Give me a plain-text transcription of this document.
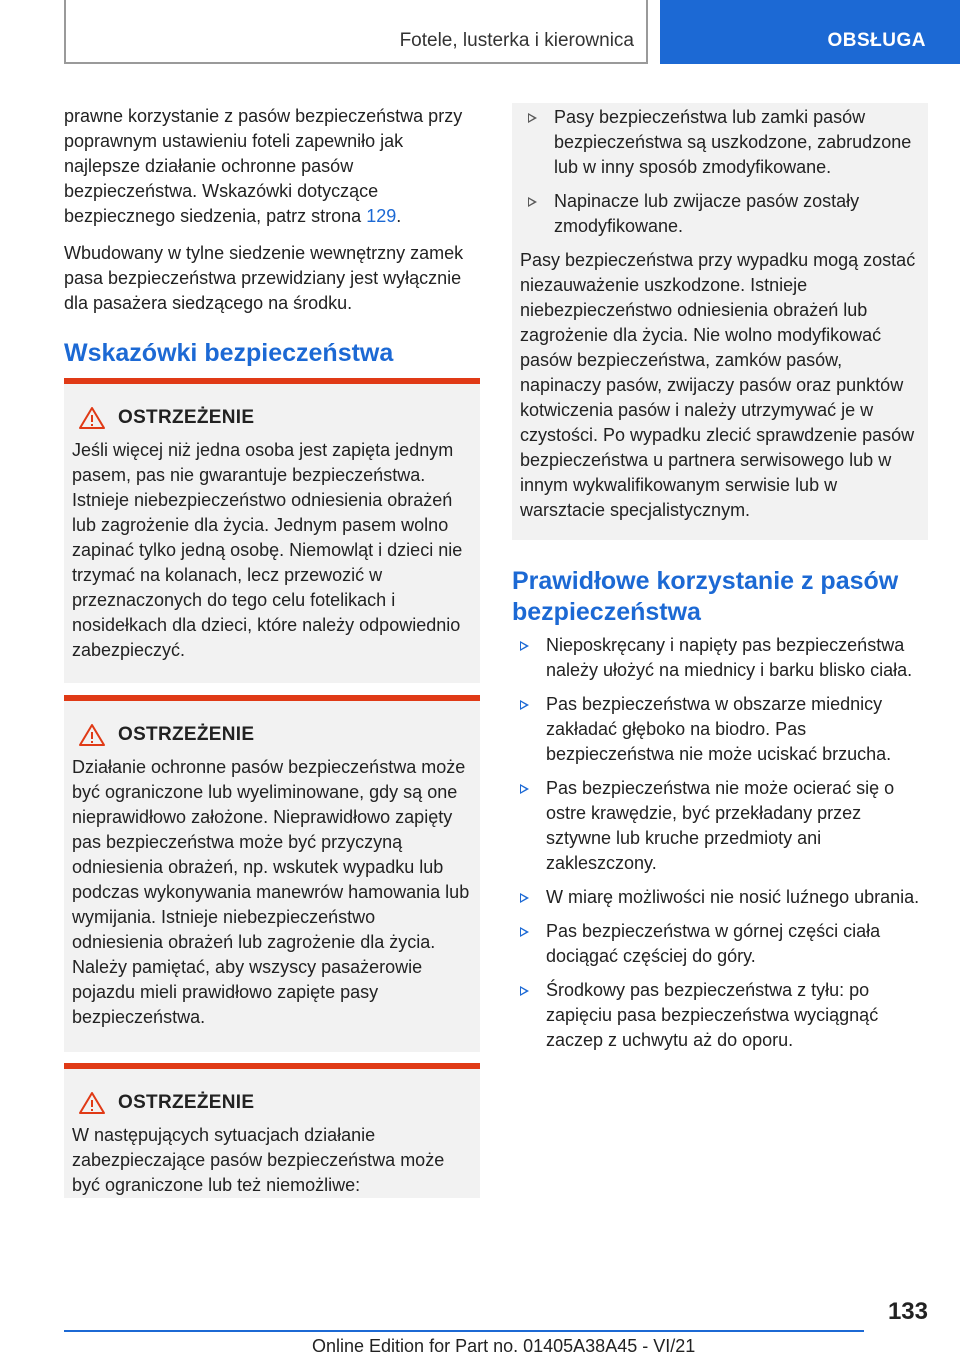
Fotele, lusterka i kierownica	OBSŁUGA

prawne korzystanie z pasów bezpieczeństwa przy poprawnym ustawieniu foteli zapewniło jak najlepsze działanie ochronne pasów bezpieczeństwa. Wskazówki dotyczące bezpiecznego siedzenia, patrz strona 129.

Wbudowany w tylne siedzenie wewnętrzny zamek pasa bezpieczeństwa przewidziany jest wyłącznie dla pasażera siedzącego na środku.

Wskazówki bezpieczeństwa
OSTRZEŻENIE

Jeśli więcej niż jedna osoba jest zapięta jednym pasem, pas nie gwarantuje bezpieczeństwa. Istnieje niebezpieczeństwo odniesienia obrażeń lub zagrożenie dla życia. Jednym pasem wolno zapinać tylko jedną osobę. Niemowląt i dzieci nie trzymać na kolanach, lecz przewozić w przeznaczonych do tego celu fotelikach i nosidełkach dla dzieci, które należy odpowiednio zabezpieczyć.

OSTRZEŻENIE

Działanie ochronne pasów bezpieczeństwa może być ograniczone lub wyeliminowane, gdy są one nieprawidłowo założone. Nieprawidłowo zapięty pas bezpieczeństwa może być przyczyną odniesienia obrażeń, np. wskutek wypadku lub podczas wykonywania manewrów hamowania lub wymijania. Istnieje niebezpieczeństwo odniesienia obrażeń lub zagrożenie dla życia. Należy pamiętać, aby wszyscy pasażerowie pojazdu mieli prawidłowo zapięte pasy bezpieczeństwa.

OSTRZEŻENIE

W następujących sytuacjach działanie zabezpieczające pasów bezpieczeństwa może być ograniczone lub też niemożliwe:

Pasy bezpieczeństwa lub zamki pasów bezpieczeństwa są uszkodzone, zabrudzone lub w inny sposób zmodyfikowane.
Napinacze lub zwijacze pasów zostały zmodyfikowane.

Pasy bezpieczeństwa przy wypadku mogą zostać niezauważenie uszkodzone. Istnieje niebezpieczeństwo odniesienia obrażeń lub zagrożenie dla życia. Nie wolno modyfikować pasów bezpieczeństwa, zamków pasów, napinaczy pasów, zwijaczy pasów oraz punktów kotwiczenia pasów i należy utrzymywać je w czystości. Po wypadku zlecić sprawdzenie pasów bezpieczeństwa u partnera serwisowego lub w innym wykwalifikowanym serwisie lub w warsztacie specjalistycznym.

Prawidłowe korzystanie z pasów bezpieczeństwa
Nieposkręcany i napięty pas bezpieczeństwa należy ułożyć na miednicy i barku blisko ciała.
Pas bezpieczeństwa w obszarze miednicy zakładać głęboko na biodro. Pas bezpieczeństwa nie może uciskać brzucha.
Pas bezpieczeństwa nie może ocierać się o ostre krawędzie, być przekładany przez sztywne lub kruche przedmioty ani zakleszczony.
W miarę możliwości nie nosić luźnego ubrania.
Pas bezpieczeństwa w górnej części ciała dociągać częściej do góry.
Środkowy pas bezpieczeństwa z tyłu: po zapięciu pasa bezpieczeństwa wyciągnąć zaczep z uchwytu aż do oporu.
133
Online Edition for Part no. 01405A38A45 - VI/21
